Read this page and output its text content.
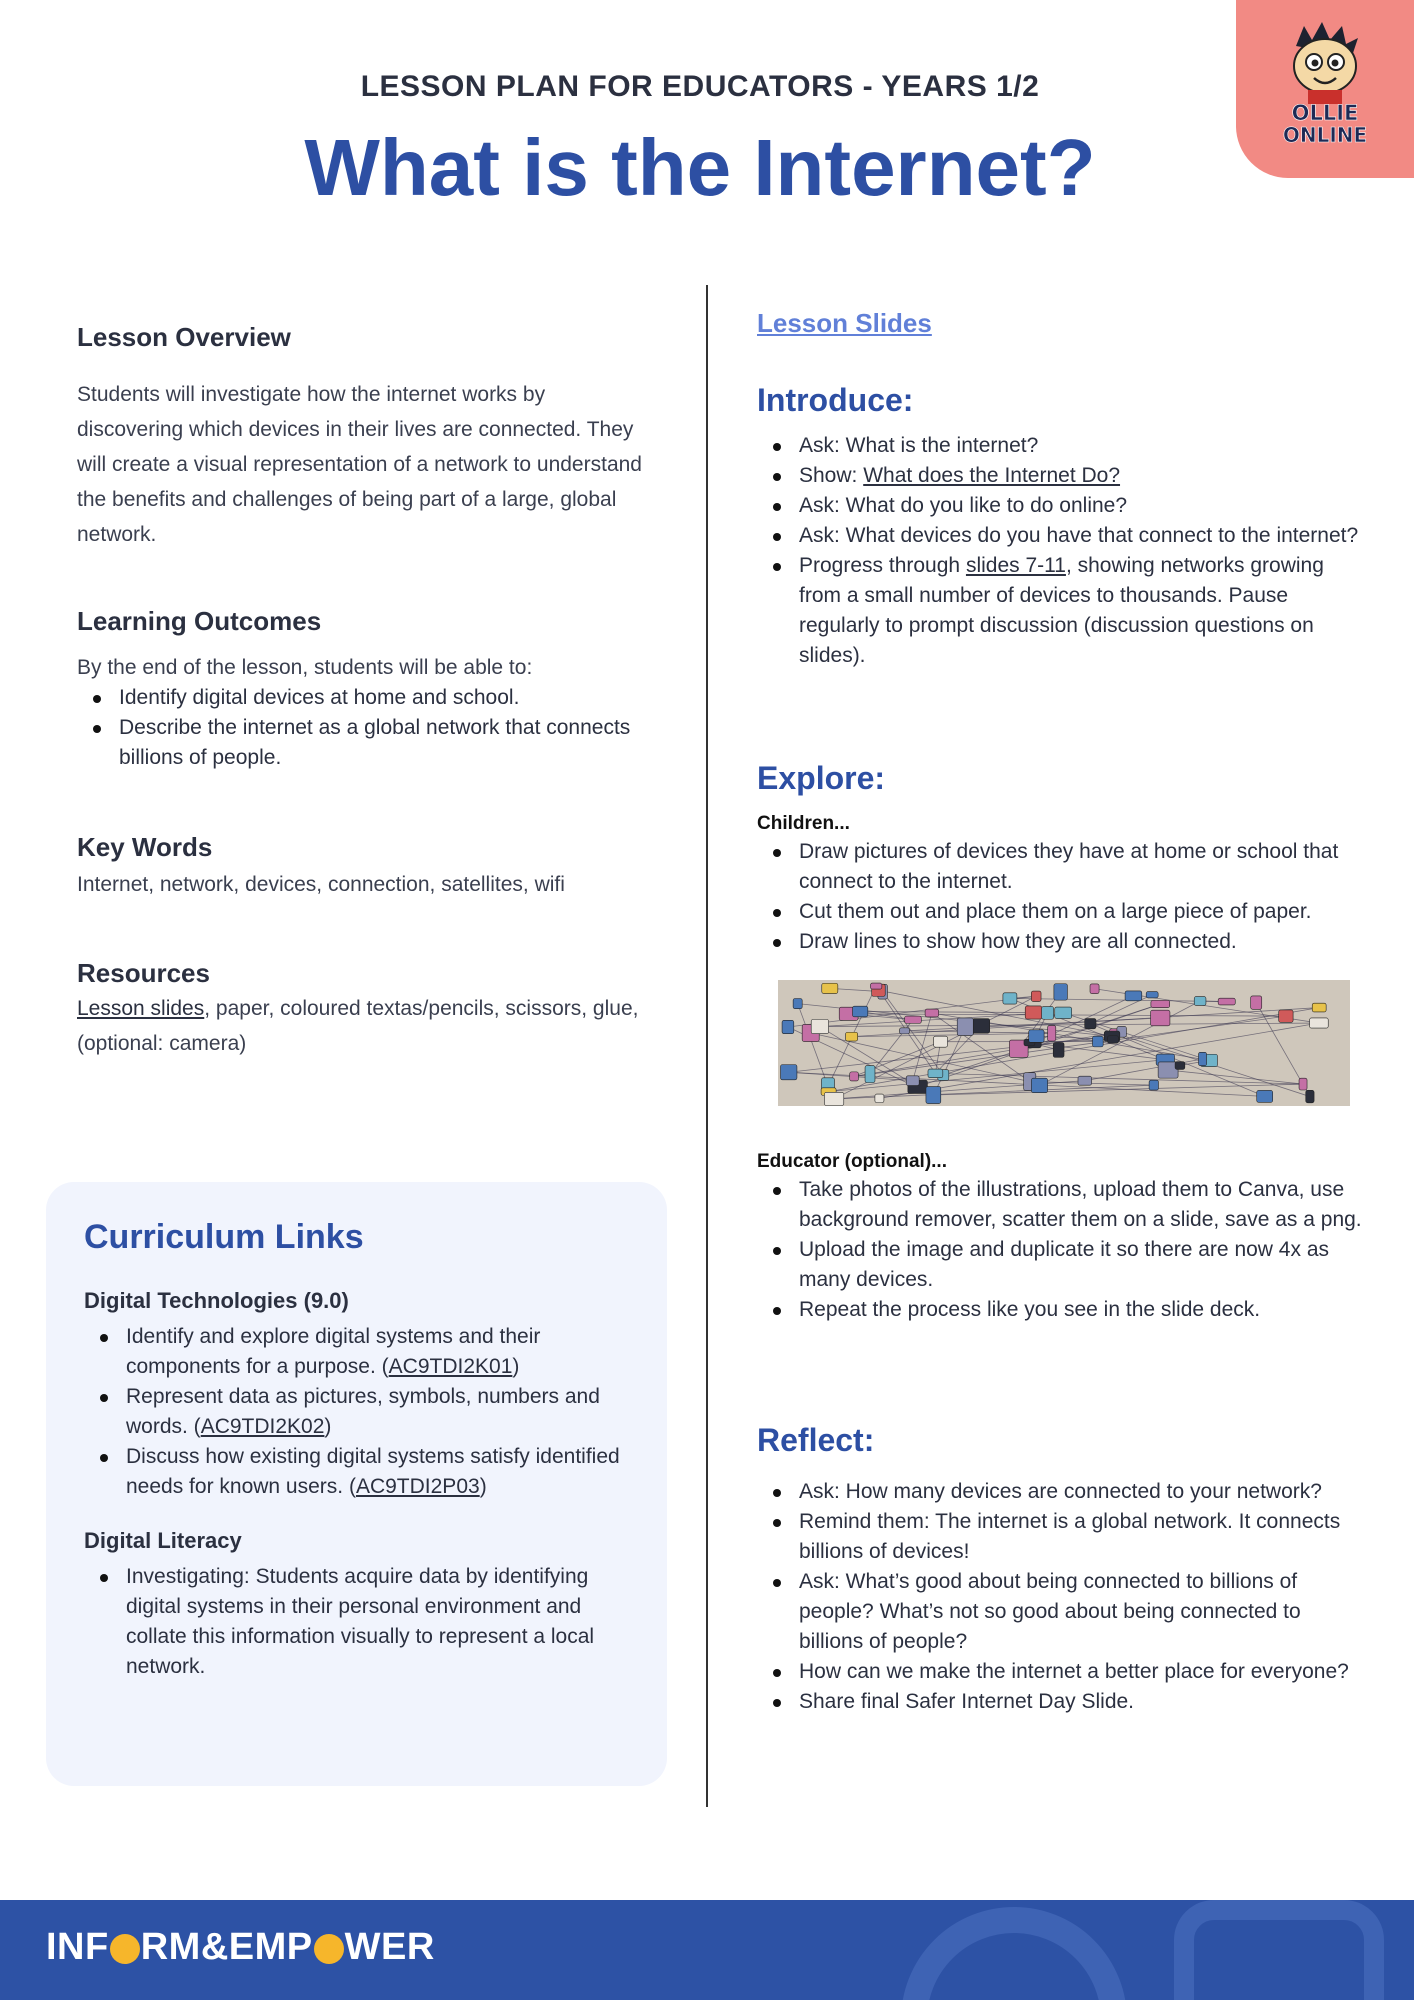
OLLIE
ONLINE
LESSON PLAN FOR EDUCATORS - YEARS 1/2
What is the Internet?
Lesson Overview

Students will investigate how the internet works by discovering which devices in their lives are connected. They will create a visual representation of a network to understand the benefits and challenges of being part of a large, global network.

Learning Outcomes

By the end of the lesson, students will be able to:

Identify digital devices at home and school.
Describe the internet as a global network that connects billions of people.
Key Words

Internet, network, devices, connection, satellites, wifi

Resources

Lesson slides, paper, coloured textas/pencils, scissors, glue, (optional: camera)

Curriculum Links
Digital Technologies (9.0)
Identify and explore digital systems and their components for a purpose. (AC9TDI2K01)
Represent data as pictures, symbols, numbers and words. (AC9TDI2K02)
Discuss how existing digital systems satisfy identified needs for known users. (AC9TDI2P03)
Digital Literacy
Investigating: Students acquire data by identifying digital systems in their personal environment and collate this information visually to represent a local network.
Lesson Slides
Introduce:
Ask: What is the internet?
Show: What does the Internet Do?
Ask: What do you like to do online?
Ask: What devices do you have that connect to the internet?
Progress through slides 7-11, showing networks growing from a small number of devices to thousands. Pause regularly to prompt discussion (discussion questions on slides).
Explore:
Children...
Draw pictures of devices they have at home or school that connect to the internet.
Cut them out and place them on a large piece of paper.
Draw lines to show how they are all connected.
Educator (optional)...
Take photos of the illustrations, upload them to Canva, use background remover, scatter them on a slide, save as a png.
Upload the image and duplicate it so there are now 4x as many devices.
Repeat the process like you see in the slide deck.
Reflect:
Ask: How many devices are connected to your network?
Remind them: The internet is a global network. It connects billions of devices!
Ask: What’s good about being connected to billions of people? What’s not so good about being connected to billions of people?
How can we make the internet a better place for everyone?
Share final Safer Internet Day Slide.
INF RM&EMP WER
